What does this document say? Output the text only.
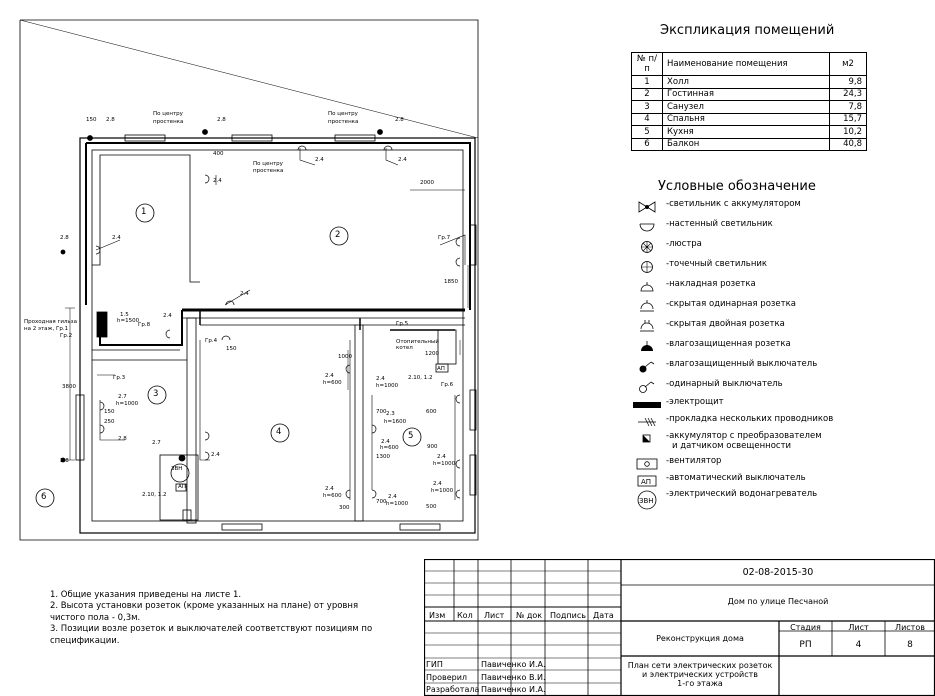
1
2
3
4	5
6
По центру
простенка
По центру
простенка
По центру
простенка
150 2.8	2.8	2.8
2.8
2.8
2.4
2.4
2.4	2.4
2.4
400
2000
1850
3800
Гр.7
1.5
h=1500
Гр.8
2.4
Проходная гильза
на 2 этаж, Гр.1
Гр.2
Гр.4
150
Гр.5
Отопительный
котел
АП
1200
1000
Гр.3	2.4
h=600
2.4
h=1000
2.10, 1.2
Гр.6
2.7
h=1000
150
250
2.8
700 2.3
h=1600
2.4
h=600
600
900
2.4
h=1000
1300
2.7
2.4
ЗВН
АП
2.10, 1.2
2.4
h=600
2.4
h=1000
2.4
h=1000
700
500
300
Экспликация помещений
№ п/п	Наименование помещения	м2
1	Холл	9,8
2	Гостинная	24,3
3	Санузел	7,8
4	Спальня	15,7
5	Кухня	10,2
6	Балкон	40,8
Условные обозначение
-светильник с аккумулятором
-настенный светильник
-люстра
-точечный светильник
-накладная розетка
-скрытая одинарная розетка
-скрытая двойная розетка
-влагозащищенная розетка
-влагозащищенный выключатель
-одинарный выключатель
-электрощит
-прокладка нескольких проводников
-аккумулятор с преобразователем
и датчиком освещенности
-вентилятор
АП -автоматический выключатель
ЗВН
-электрический водонагреватель
1. Общие указания приведены на листе 1.
2. Высота установки розеток (кроме указанных на плане) от уровня
чистого пола - 0,3м.
3. Позиции возле розеток и выключателей соответствуют позициям по
спецификации.
Изм Кол Лист № док Подпись Дата
ГИП	Павиченко И.А.
Проверил Павиченко В.И.
Разработала Павиченко И.А.
02-08-2015-30
Дом по улице Песчаной
Реконструкция дома
Стадия	Лист	Листов
РП	4	8
План сети электрических розеток
и электрических устройств
1-го этажа
